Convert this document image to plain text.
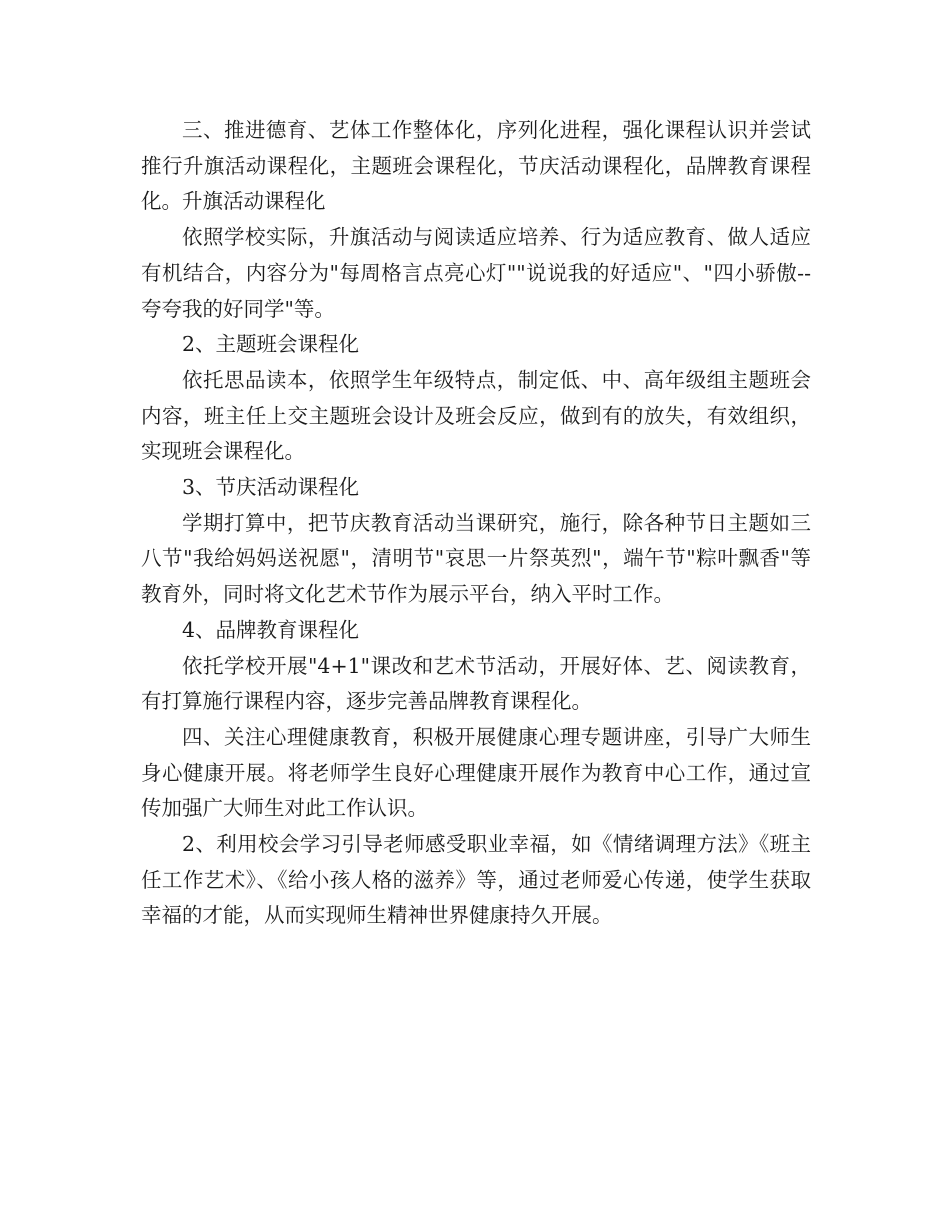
三、推进德育、艺体工作整体化，序列化进程，强化课程认识并尝试推行升旗活动课程化，主题班会课程化，节庆活动课程化，品牌教育课程化。升旗活动课程化

依照学校实际，升旗活动与阅读适应培养、行为适应教育、做人适应有机结合，内容分为"每周格言点亮心灯""说说我的好适应"、"四小骄傲--夸夸我的好同学"等。

2、主题班会课程化

依托思品读本，依照学生年级特点，制定低、中、高年级组主题班会内容，班主任上交主题班会设计及班会反应，做到有的放失，有效组织，实现班会课程化。

3、节庆活动课程化

学期打算中，把节庆教育活动当课研究，施行，除各种节日主题如三八节"我给妈妈送祝愿"，清明节"哀思一片祭英烈"，端午节"粽叶飘香"等教育外，同时将文化艺术节作为展示平台，纳入平时工作。

4、品牌教育课程化

依托学校开展"4+1"课改和艺术节活动，开展好体、艺、阅读教育，有打算施行课程内容，逐步完善品牌教育课程化。

四、关注心理健康教育，积极开展健康心理专题讲座，引导广大师生身心健康开展。将老师学生良好心理健康开展作为教育中心工作，通过宣传加强广大师生对此工作认识。

2、利用校会学习引导老师感受职业幸福，如《情绪调理方法》《班主任工作艺术》、《给小孩人格的滋养》等，通过老师爱心传递，使学生获取幸福的才能，从而实现师生精神世界健康持久开展。
